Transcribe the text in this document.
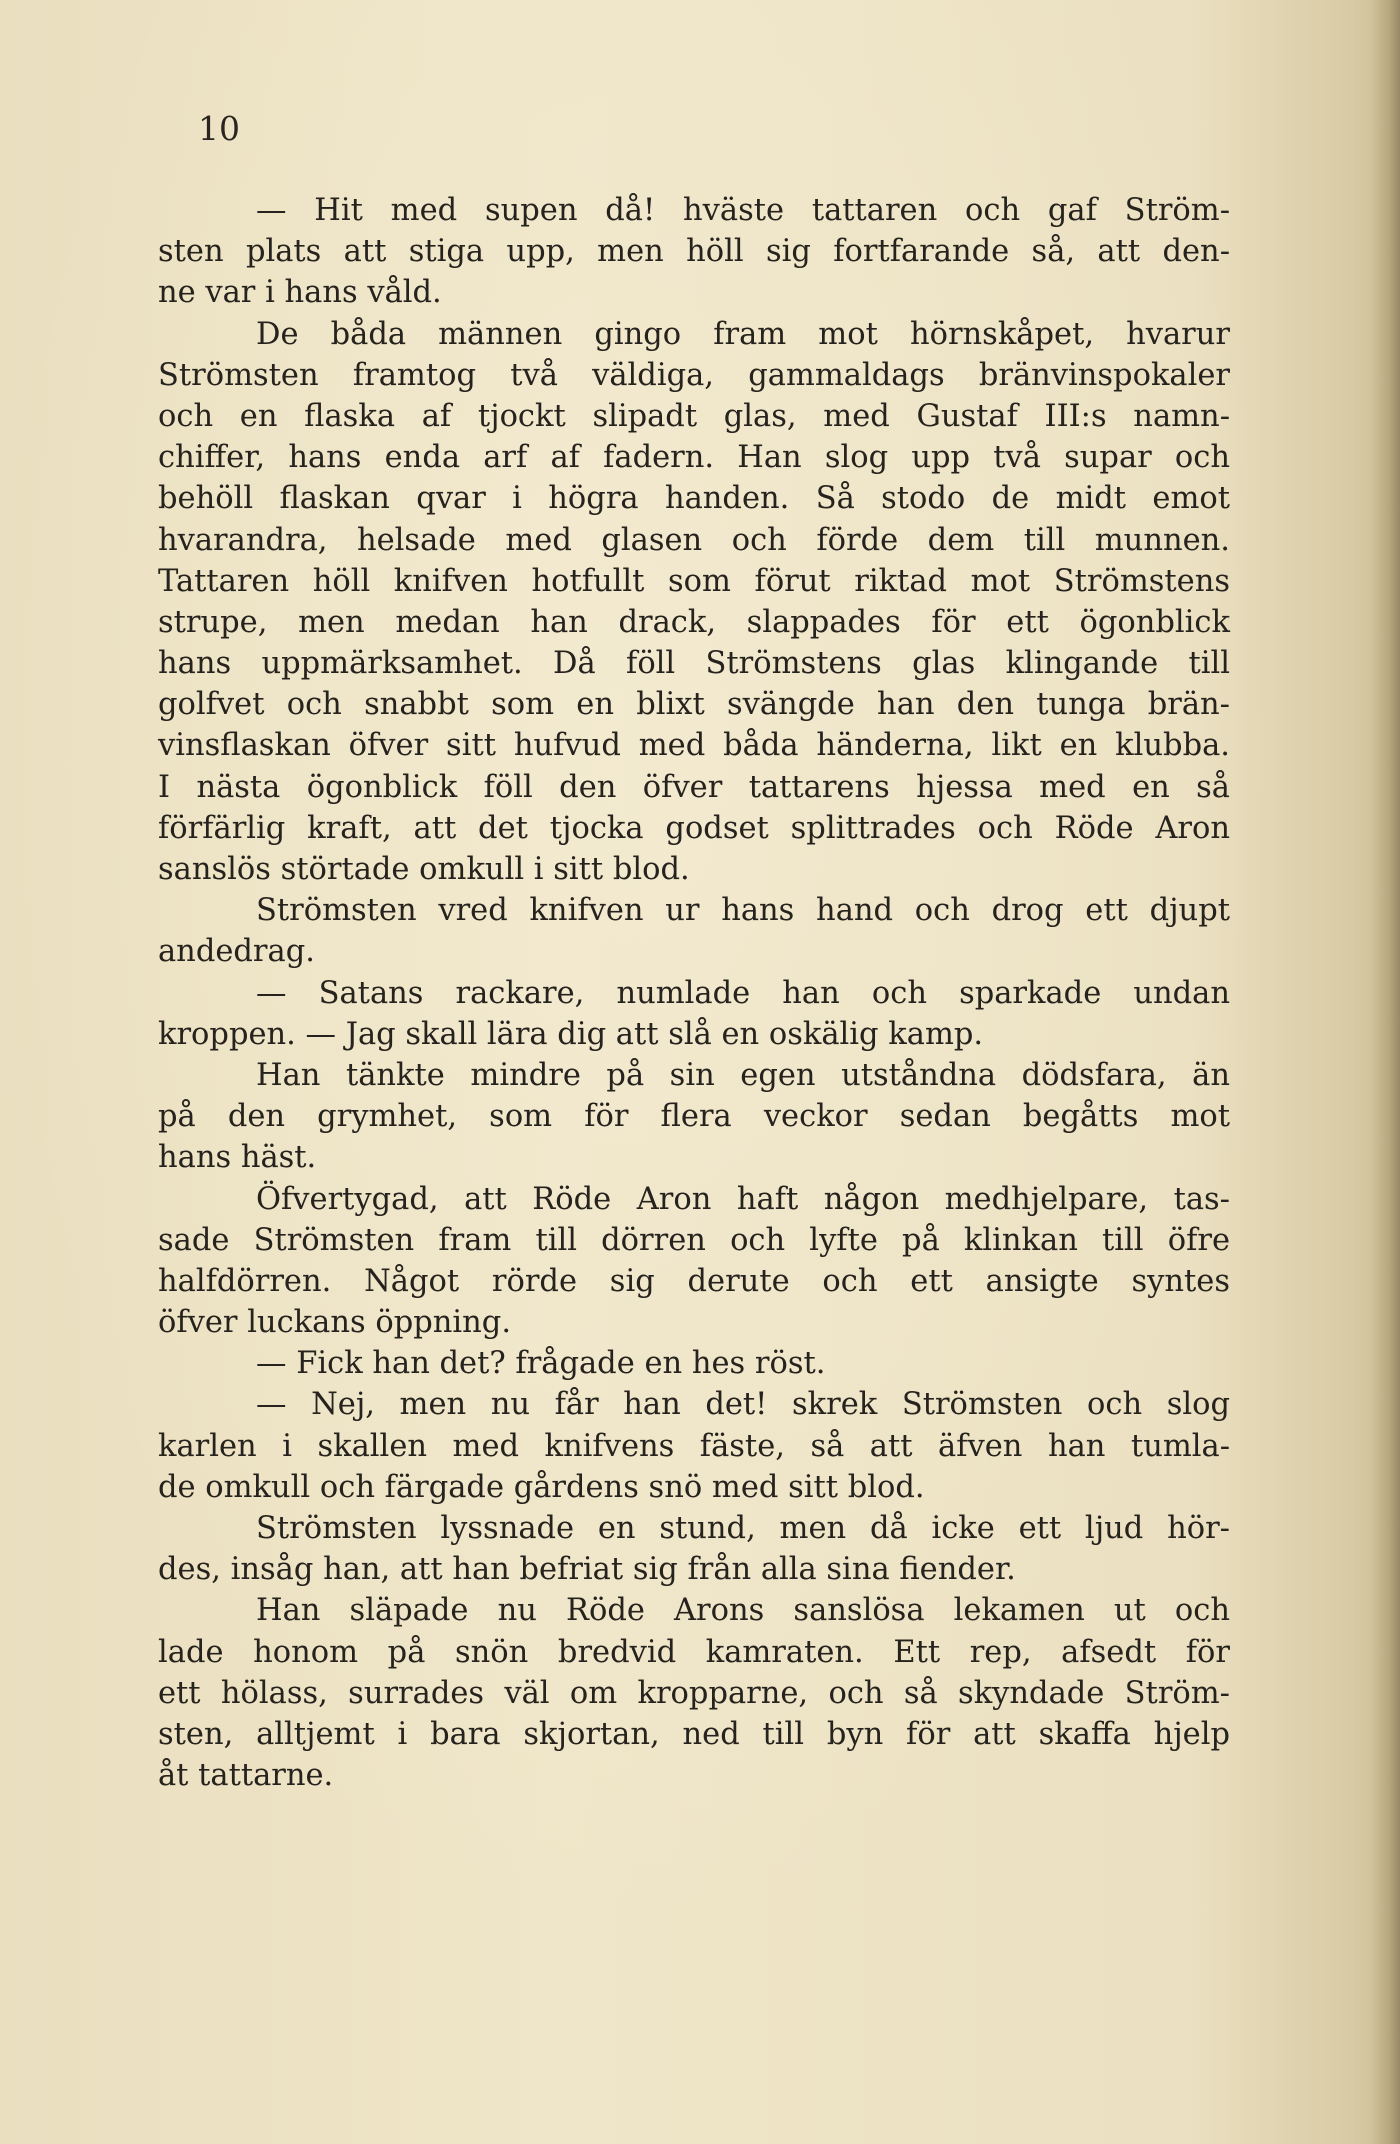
10
— Hit med supen då! hväste tattaren och gaf Ström-
sten plats att stiga upp, men höll sig fortfarande så, att den-
ne var i hans våld.
De båda männen gingo fram mot hörnskåpet, hvarur
Strömsten framtog två väldiga, gammaldags bränvinspokaler
och en flaska af tjockt slipadt glas, med Gustaf III:s namn-
chiffer, hans enda arf af fadern. Han slog upp två supar och
behöll flaskan qvar i högra handen. Så stodo de midt emot
hvarandra, helsade med glasen och förde dem till munnen.
Tattaren höll knifven hotfullt som förut riktad mot Strömstens
strupe, men medan han drack, slappades för ett ögonblick
hans uppmärksamhet. Då föll Strömstens glas klingande till
golfvet och snabbt som en blixt svängde han den tunga brän-
vinsflaskan öfver sitt hufvud med båda händerna, likt en klubba.
I nästa ögonblick föll den öfver tattarens hjessa med en så
förfärlig kraft, att det tjocka godset splittrades och Röde Aron
sanslös störtade omkull i sitt blod.
Strömsten vred knifven ur hans hand och drog ett djupt
andedrag.
— Satans rackare, numlade han och sparkade undan
kroppen. — Jag skall lära dig att slå en oskälig kamp.
Han tänkte mindre på sin egen utståndna dödsfara, än
på den grymhet, som för flera veckor sedan begåtts mot
hans häst.
Öfvertygad, att Röde Aron haft någon medhjelpare, tas-
sade Strömsten fram till dörren och lyfte på klinkan till öfre
halfdörren. Något rörde sig derute och ett ansigte syntes
öfver luckans öppning.
— Fick han det? frågade en hes röst.
— Nej, men nu får han det! skrek Strömsten och slog
karlen i skallen med knifvens fäste, så att äfven han tumla-
de omkull och färgade gårdens snö med sitt blod.
Strömsten lyssnade en stund, men då icke ett ljud hör-
des, insåg han, att han befriat sig från alla sina fiender.
Han släpade nu Röde Arons sanslösa lekamen ut och
lade honom på snön bredvid kamraten. Ett rep, afsedt för
ett hölass, surrades väl om kropparne, och så skyndade Ström-
sten, alltjemt i bara skjortan, ned till byn för att skaffa hjelp
åt tattarne.
